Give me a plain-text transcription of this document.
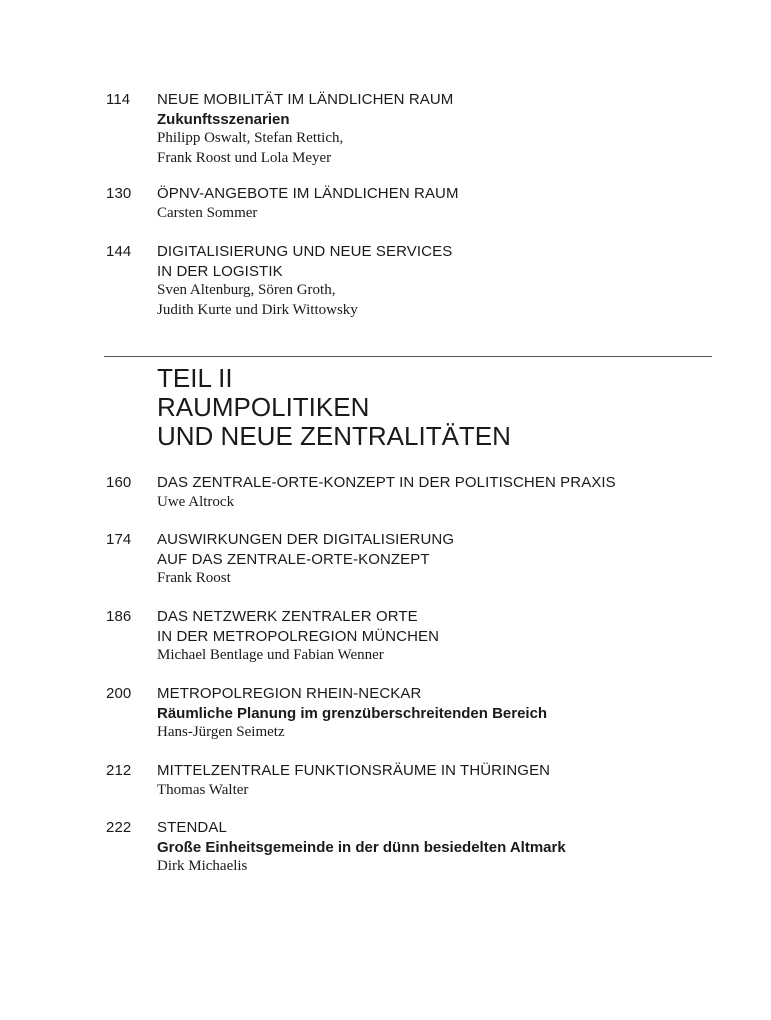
114 NEUE MOBILITÄT IM LÄNDLICHEN RAUM
Zukunftsszenarien
Philipp Oswalt, Stefan Rettich,
Frank Roost und Lola Meyer
130 ÖPNV-ANGEBOTE IM LÄNDLICHEN RAUM
Carsten Sommer
144 DIGITALISIERUNG UND NEUE SERVICES
IN DER LOGISTIK
Sven Altenburg, Sören Groth,
Judith Kurte und Dirk Wittowsky
TEIL II
RAUMPOLITIKEN
UND NEUE ZENTRALITÄTEN
160 DAS ZENTRALE-ORTE-KONZEPT IN DER POLITISCHEN PRAXIS
Uwe Altrock
174 AUSWIRKUNGEN DER DIGITALISIERUNG
AUF DAS ZENTRALE-ORTE-KONZEPT
Frank Roost
186 DAS NETZWERK ZENTRALER ORTE
IN DER METROPOLREGION MÜNCHEN
Michael Bentlage und Fabian Wenner
200 METROPOLREGION RHEIN-NECKAR
Räumliche Planung im grenzüberschreitenden Bereich
Hans-Jürgen Seimetz
212 MITTELZENTRALE FUNKTIONSRÄUME IN THÜRINGEN
Thomas Walter
222 STENDAL
Große Einheitsgemeinde in der dünn besiedelten Altmark
Dirk Michaelis
